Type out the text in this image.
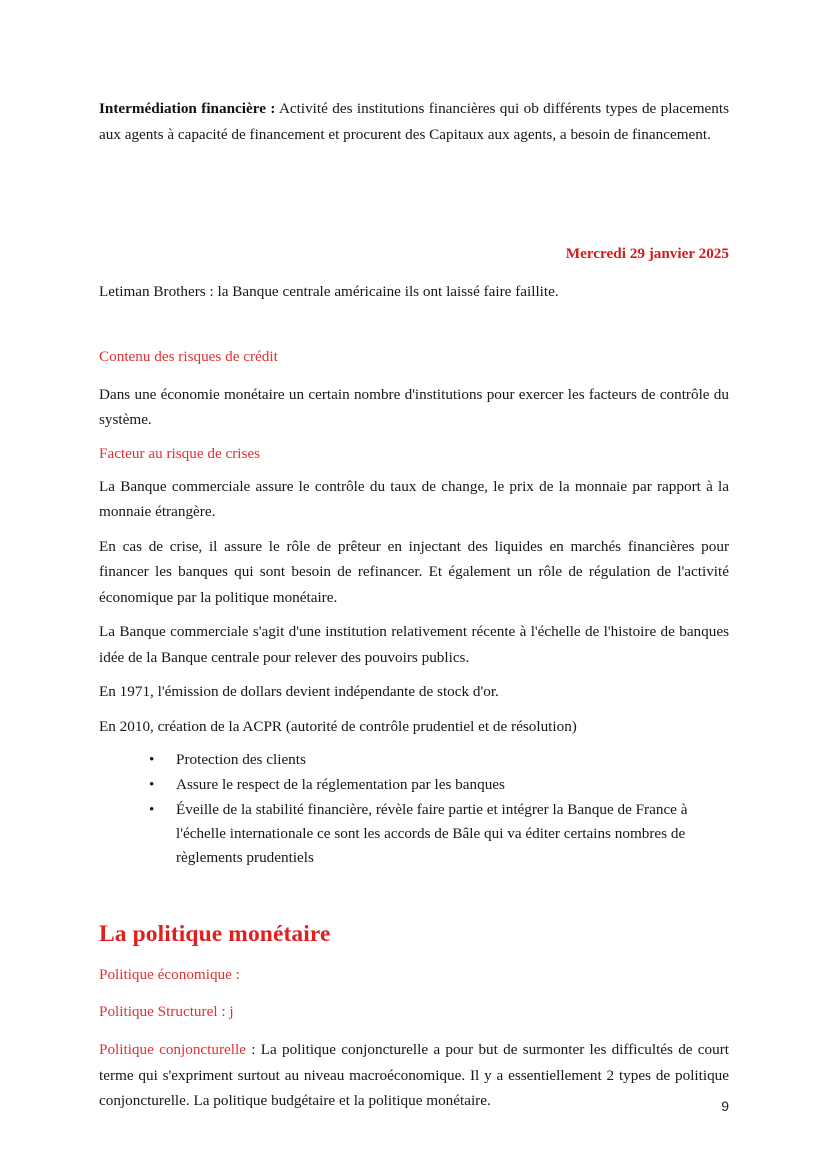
Intermédiation financière : Activité des institutions financières qui ob différents types de placements aux agents à capacité de financement et procurent des Capitaux aux agents, a besoin de financement.

Mercredi 29 janvier 2025

Letiman Brothers : la Banque centrale américaine ils ont laissé faire faillite.

Contenu des risques de crédit

Dans une économie monétaire un certain nombre d'institutions pour exercer les facteurs de contrôle du système.

Facteur au risque de crises

La Banque commerciale assure le contrôle du taux de change, le prix de la monnaie par rapport à la monnaie étrangère.

En cas de crise, il assure le rôle de prêteur en injectant des liquides en marchés financières pour financer les banques qui sont besoin de refinancer. Et également un rôle de régulation de l'activité économique par la politique monétaire.

La Banque commerciale s'agit d'une institution relativement récente à l'échelle de l'histoire de banques idée de la Banque centrale pour relever des pouvoirs publics.

En 1971, l'émission de dollars devient indépendante de stock d'or.

En 2010, création de la ACPR (autorité de contrôle prudentiel et de résolution)

• Protection des clients
• Assure le respect de la réglementation par les banques
• Éveille de la stabilité financière, révèle faire partie et intégrer la Banque de France à l'échelle internationale ce sont les accords de Bâle qui va éditer certains nombres de règlements prudentiels
La politique monétaire
Politique économique :
Politique Structurel : j

Politique conjoncturelle : La politique conjoncturelle a pour but de surmonter les difficultés de court terme qui s'expriment surtout au niveau macroéconomique. Il y a essentiellement 2 types de politique conjoncturelle. La politique budgétaire et la politique monétaire.	9
